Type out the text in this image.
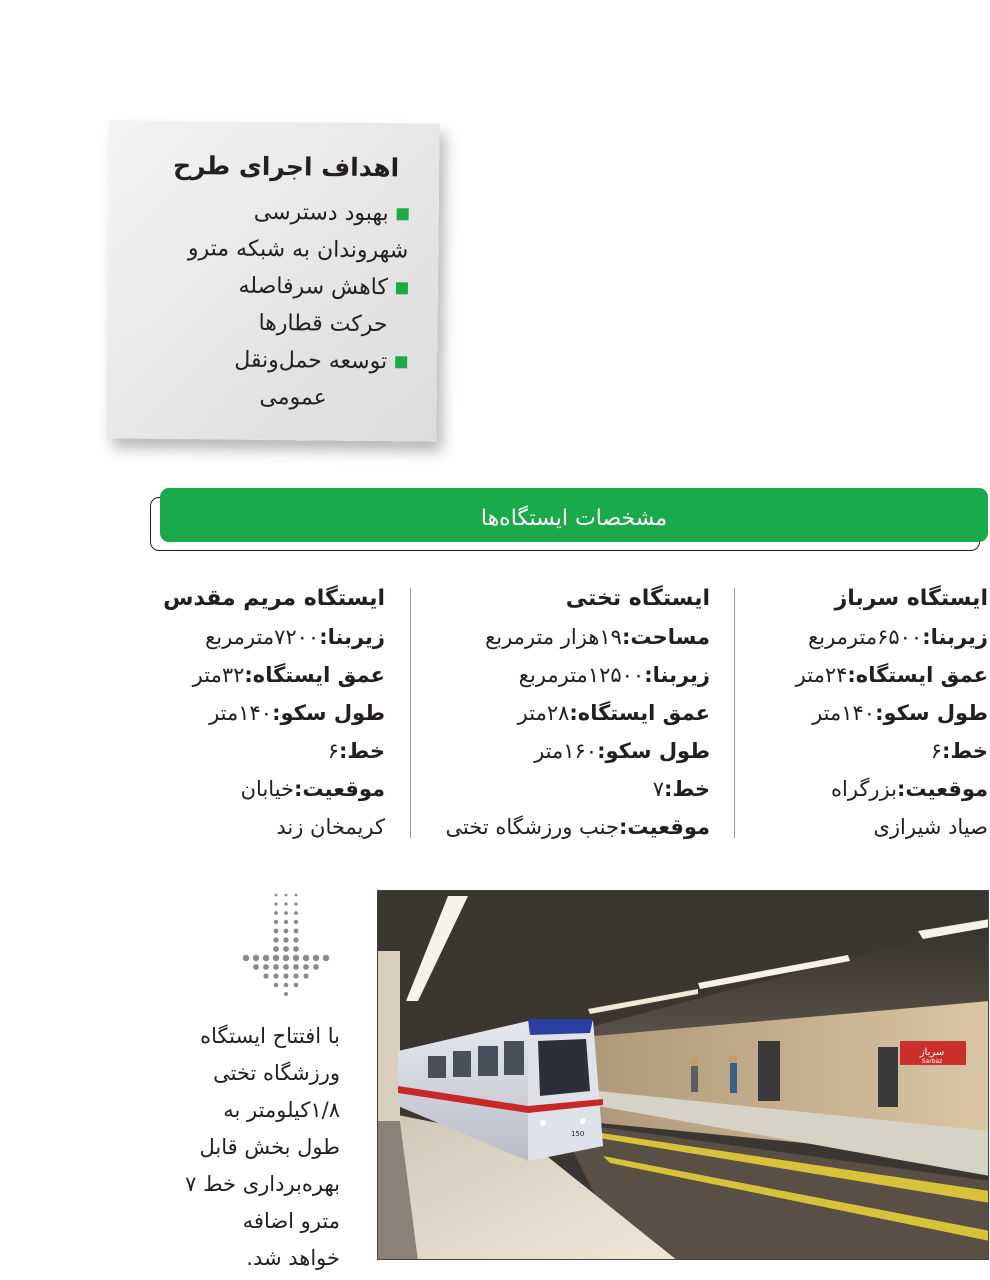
اهداف اجرای طرح
بهبود دسترسی
شهروندان به شبکه مترو
کاهش سرفاصله
حرکت قطارها
توسعه حمل‌ونقل
عمومی
مشخصات ایستگاه‌ها
ایستگاه سرباز
زیربنا:۶۵۰۰مترمربع
عمق ایستگاه:۲۴متر
طول سکو:۱۴۰متر
خط:۶
موقعیت:بزرگراه
صیاد شیرازی
ایستگاه تختی
مساحت:۱۹هزار مترمربع
زیربنا:۱۲۵۰۰مترمربع
عمق ایستگاه:۲۸متر
طول سکو:۱۶۰متر
خط:۷
موقعیت:جنب ورزشگاه تختی
ایستگاه مریم مقدس
زیربنا:۷۲۰۰مترمربع
عمق ایستگاه:۳۲متر
طول سکو:۱۴۰متر
خط:۶
موقعیت:خیابان
کریمخان زند
با افتتاح ایستگاه
ورزشگاه تختی
۱/۸کیلومتر به
طول بخش قابل
بهره‌برداری خط ۷
مترو اضافه
خواهد شد.
سرباز
Sarbaz
150
